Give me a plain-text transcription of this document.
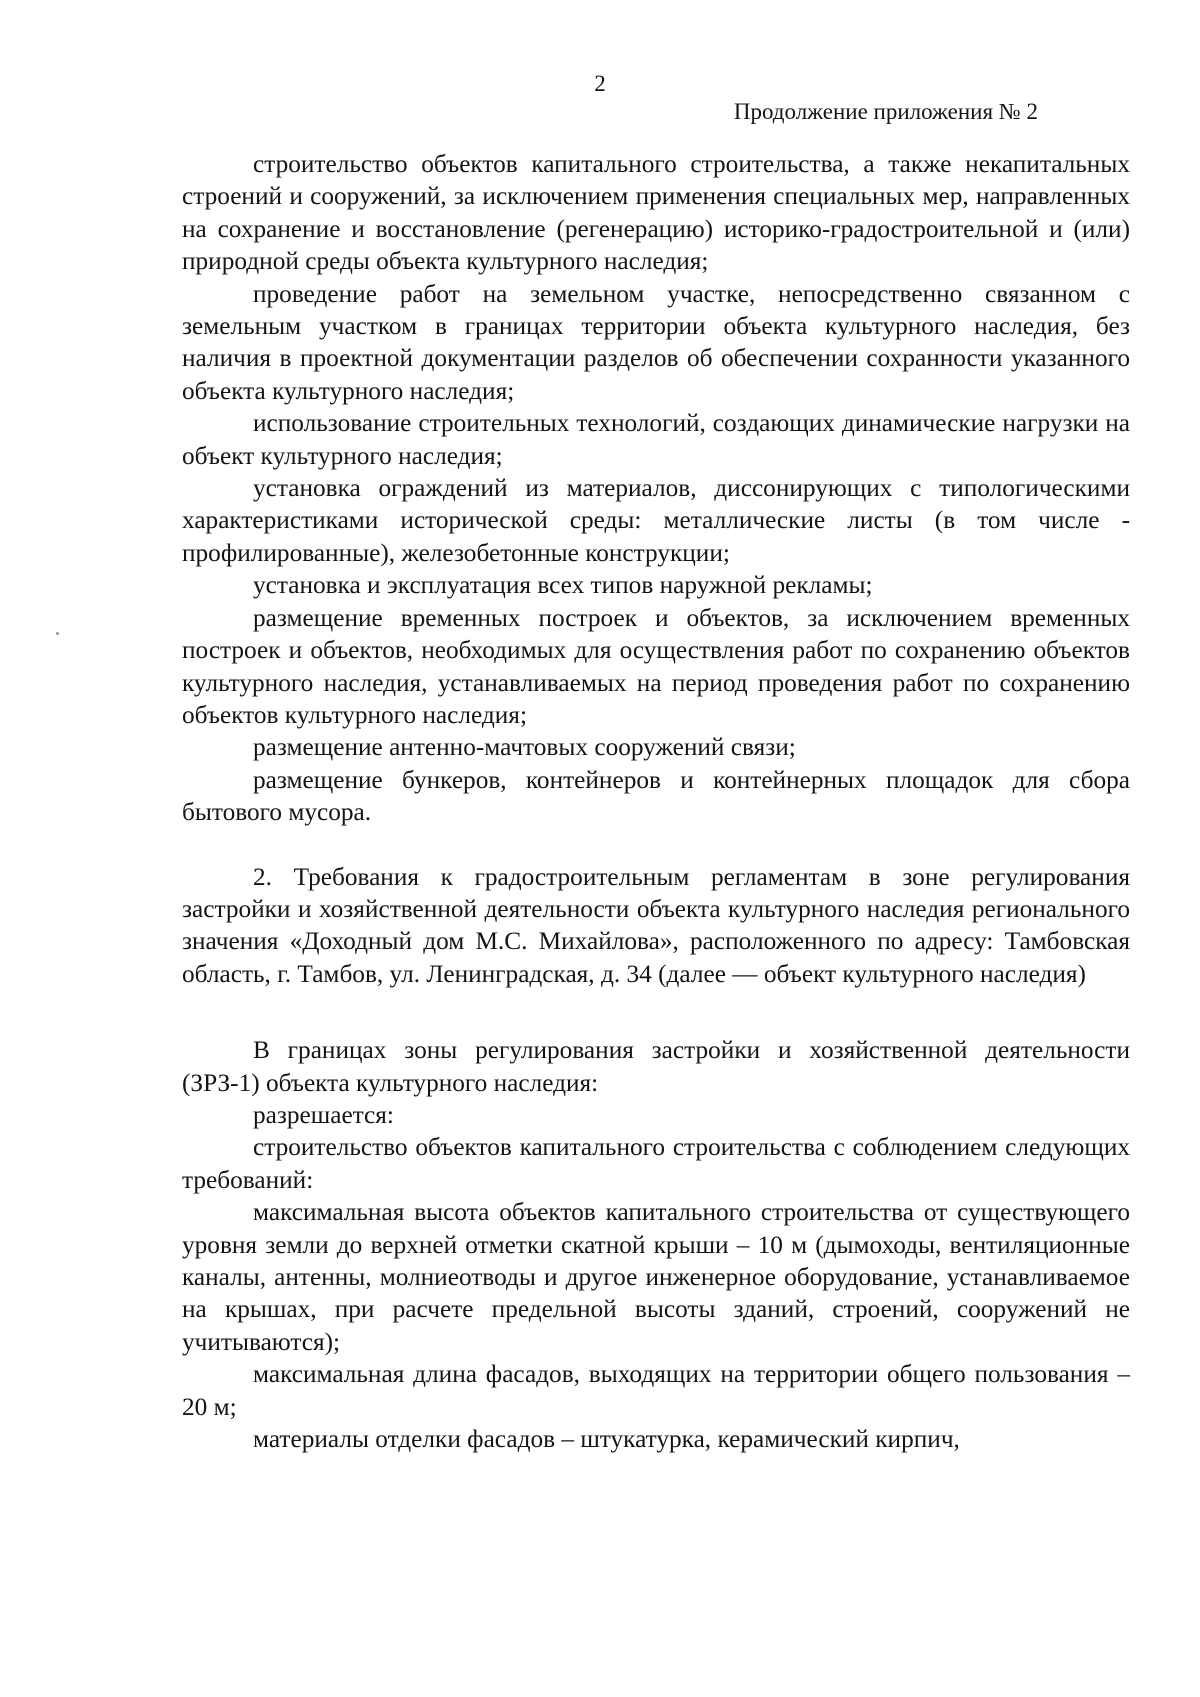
2
Продолжение приложения № 2

строительство объектов капитального строительства, а также некапитальных строений и сооружений, за исключением применения специальных мер, направленных на сохранение и восстановление (регенерацию) историко-градостроительной и (или) природной среды объекта культурного наследия;

проведение работ на земельном участке, непосредственно связанном с земельным участком в границах территории объекта культурного наследия, без наличия в проектной документации разделов об обеспечении сохранности указанного объекта культурного наследия;

использование строительных технологий, создающих динамические нагрузки на объект культурного наследия;

установка ограждений из материалов, диссонирующих с типологическими характеристиками исторической среды: металлические листы (в том числе - профилированные), железобетонные конструкции;

установка и эксплуатация всех типов наружной рекламы;

размещение временных построек и объектов, за исключением временных построек и объектов, необходимых для осуществления работ по сохранению объектов культурного наследия, устанавливаемых на период проведения работ по сохранению объектов культурного наследия;

размещение антенно-мачтовых сооружений связи;

размещение бункеров, контейнеров и контейнерных площадок для сбора бытового мусора.

2. Требования к градостроительным регламентам в зоне регулирования застройки и хозяйственной деятельности объекта культурного наследия регионального значения «Доходный дом М.С. Михайлова», расположенного по адресу: Тамбовская область, г. Тамбов, ул. Ленинградская, д. 34 (далее — объект культурного наследия)

В границах зоны регулирования застройки и хозяйственной деятельности (ЗРЗ-1) объекта культурного наследия:

разрешается:

строительство объектов капитального строительства с соблюдением следующих требований:

максимальная высота объектов капитального строительства от существующего уровня земли до верхней отметки скатной крыши – 10 м (дымоходы, вентиляционные каналы, антенны, молниеотводы и другое инженерное оборудование, устанавливаемое на крышах, при расчете предельной высоты зданий, строений, сооружений не учитываются);

максимальная длина фасадов, выходящих на территории общего пользования – 20 м;

материалы отделки фасадов – штукатурка, керамический кирпич,
